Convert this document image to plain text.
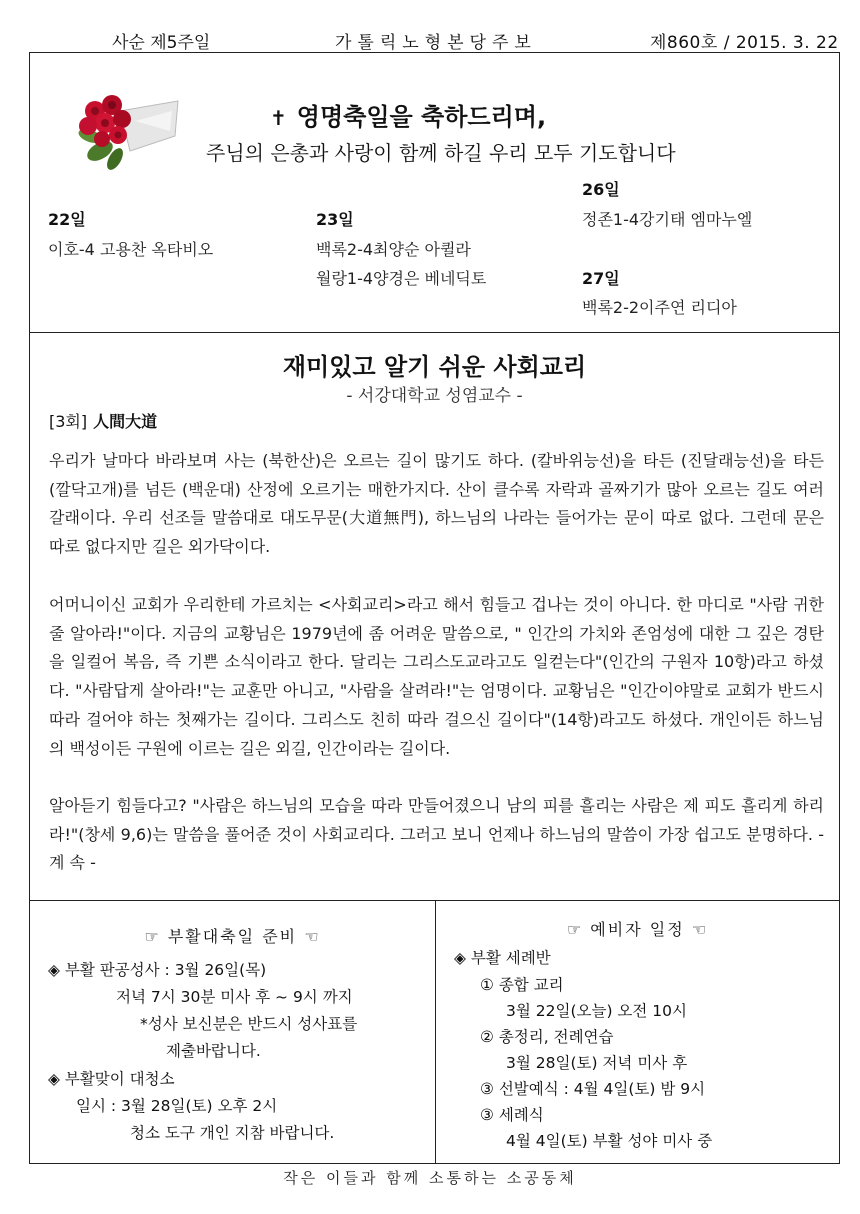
사순 제5주일	가톨릭노형본당주보	제860호 / 2015. 3. 22
✝ 영명축일을 축하드리며,
주님의 은총과 사랑이 함께 하길 우리 모두 기도합니다
22일
이호-4 고용찬 옥타비오
23일
백록2-4최양순 아퀼라
월랑1-4양경은 베네딕토
26일
정존1-4강기태 엠마누엘
27일
백록2-2이주연 리디아
재미있고 알기 쉬운 사회교리
- 서강대학교 성염교수 -
[3회] 人間大道
우리가 날마다 바라보며 사는 (북한산)은 오르는 길이 많기도 하다. (칼바위능선)을 타든 (진달래능선)을 타든 (깔닥고개)를 넘든 (백운대) 산정에 오르기는 매한가지다. 산이 클수록 자락과 골짜기가 많아 오르는 길도 여러갈래이다. 우리 선조들 말씀대로 대도무문(大道無門), 하느님의 나라는 들어가는 문이 따로 없다. 그런데 문은 따로 없다지만 길은 외가닥이다.
어머니이신 교회가 우리한테 가르치는 <사회교리>라고 해서 힘들고 겁나는 것이 아니다. 한 마디로 "사람 귀한 줄 알아라!"이다. 지금의 교황님은 1979년에 좀 어려운 말씀으로, " 인간의 가치와 존엄성에 대한 그 깊은 경탄을 일컬어 복음, 즉 기쁜 소식이라고 한다. 달리는 그리스도교라고도 일컫는다"(인간의 구원자 10항)라고 하셨다. "사람답게 살아라!"는 교훈만 아니고, "사람을 살려라!"는 엄명이다. 교황님은 "인간이야말로 교회가 반드시 따라 걸어야 하는 첫째가는 길이다. 그리스도 친히 따라 걸으신 길이다"(14항)라고도 하셨다. 개인이든 하느님의 백성이든 구원에 이르는 길은 외길, 인간이라는 길이다.
알아듣기 힘들다고? "사람은 하느님의 모습을 따라 만들어졌으니 남의 피를 흘리는 사람은 제 피도 흘리게 하리라!"(창세 9,6)는 말씀을 풀어준 것이 사회교리다. 그러고 보니 언제나 하느님의 말씀이 가장 쉽고도 분명하다. - 계 속 -
☞ 부활대축일 준비 ☜
◈ 부활 판공성사 : 3월 26일(목)
저녁 7시 30분 미사 후 ~ 9시 까지
*성사 보신분은 반드시 성사표를
제출바랍니다.
◈ 부활맞이 대청소
일시 : 3월 28일(토) 오후 2시
청소 도구 개인 지참 바랍니다.
☞ 예비자 일정 ☜
◈ 부활 세례반
① 종합 교리
3월 22일(오늘) 오전 10시
② 총정리, 전례연습
3월 28일(토) 저녁 미사 후
③ 선발예식 : 4월 4일(토) 밤 9시
③ 세례식
4월 4일(토) 부활 성야 미사 중
작은 이들과 함께 소통하는 소공동체
